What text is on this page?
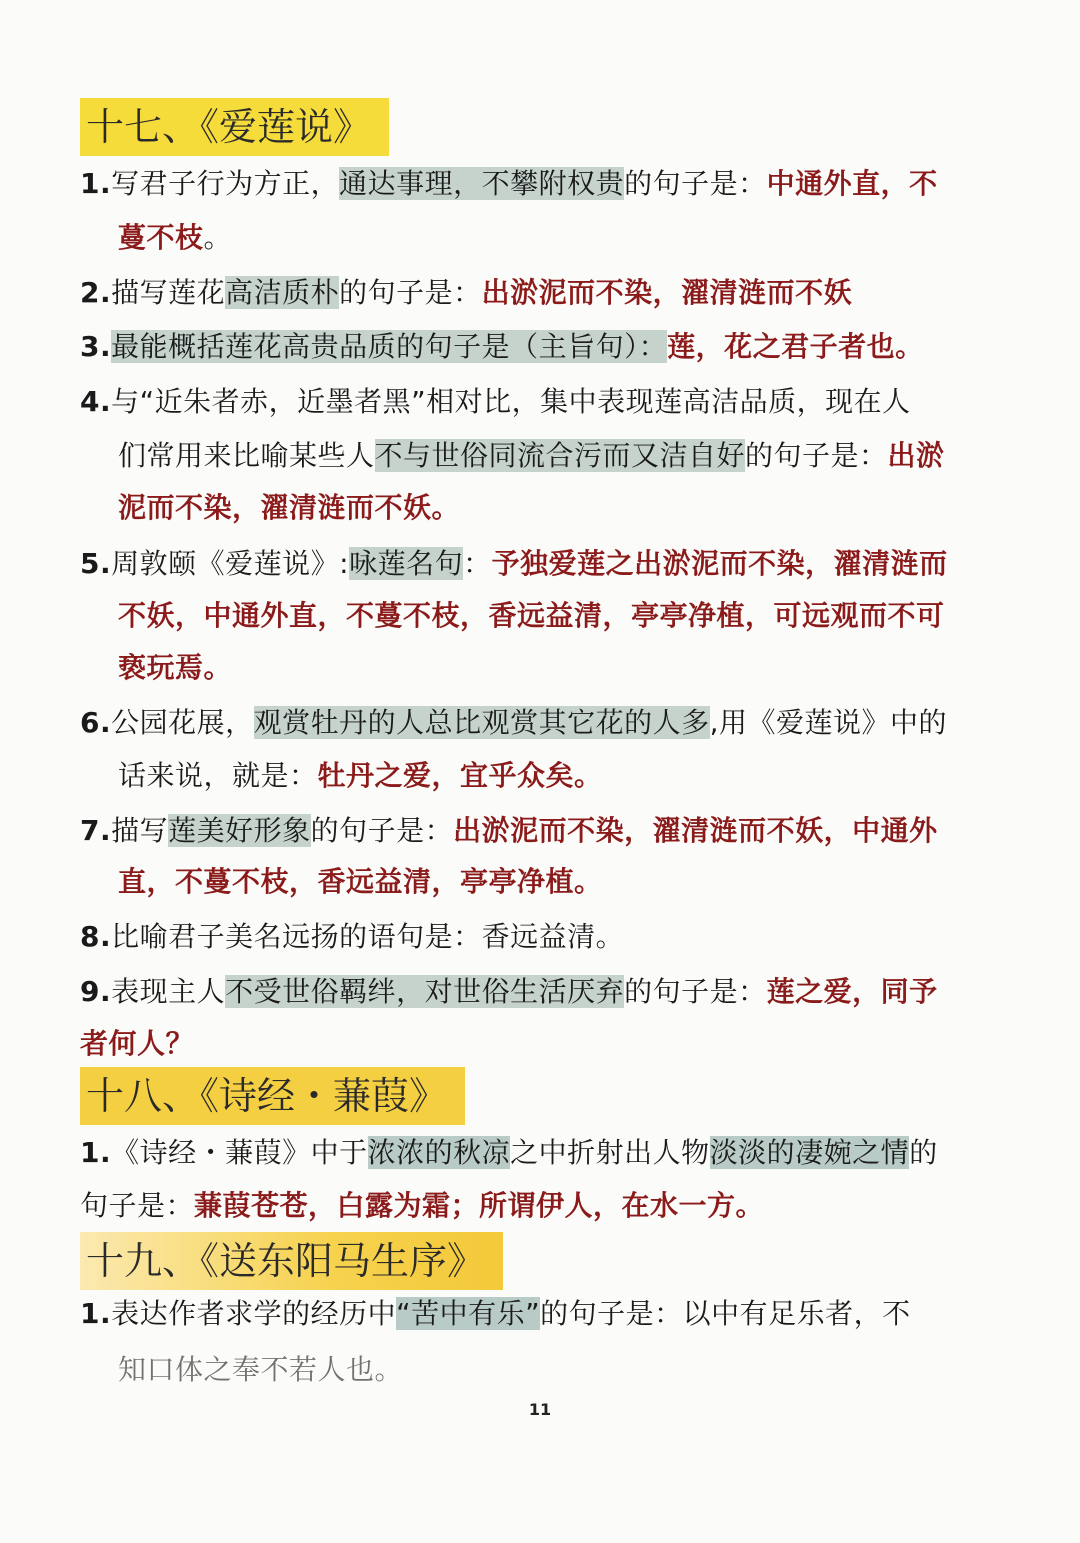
十七、《爱莲说》
1.写君子行为方正，通达事理，不攀附权贵的句子是：中通外直，不
蔓不枝。
2.描写莲花高洁质朴的句子是：出淤泥而不染，濯清涟而不妖
3.最能概括莲花高贵品质的句子是（主旨句）：莲，花之君子者也。
4.与“近朱者赤，近墨者黑”相对比，集中表现莲高洁品质，现在人
们常用来比喻某些人不与世俗同流合污而又洁自好的句子是：出淤
泥而不染，濯清涟而不妖。
5.周敦颐《爱莲说》:咏莲名句：予独爱莲之出淤泥而不染，濯清涟而
不妖，中通外直，不蔓不枝，香远益清，亭亭净植，可远观而不可
亵玩焉。
6.公园花展，观赏牡丹的人总比观赏其它花的人多,用《爱莲说》中的
话来说，就是：牡丹之爱，宜乎众矣。
7.描写莲美好形象的句子是：出淤泥而不染，濯清涟而不妖，中通外
直，不蔓不枝，香远益清，亭亭净植。
8.比喻君子美名远扬的语句是：香远益清。
9.表现主人不受世俗羁绊，对世俗生活厌弃的句子是：莲之爱，同予
者何人？
十八、《诗经・蒹葭》
1.《诗经・蒹葭》中于浓浓的秋凉之中折射出人物淡淡的凄婉之情的
句子是：蒹葭苍苍，白露为霜；所谓伊人，在水一方。
十九、《送东阳马生序》
1.表达作者求学的经历中“苦中有乐”的句子是：以中有足乐者，不
知口体之奉不若人也。
11
